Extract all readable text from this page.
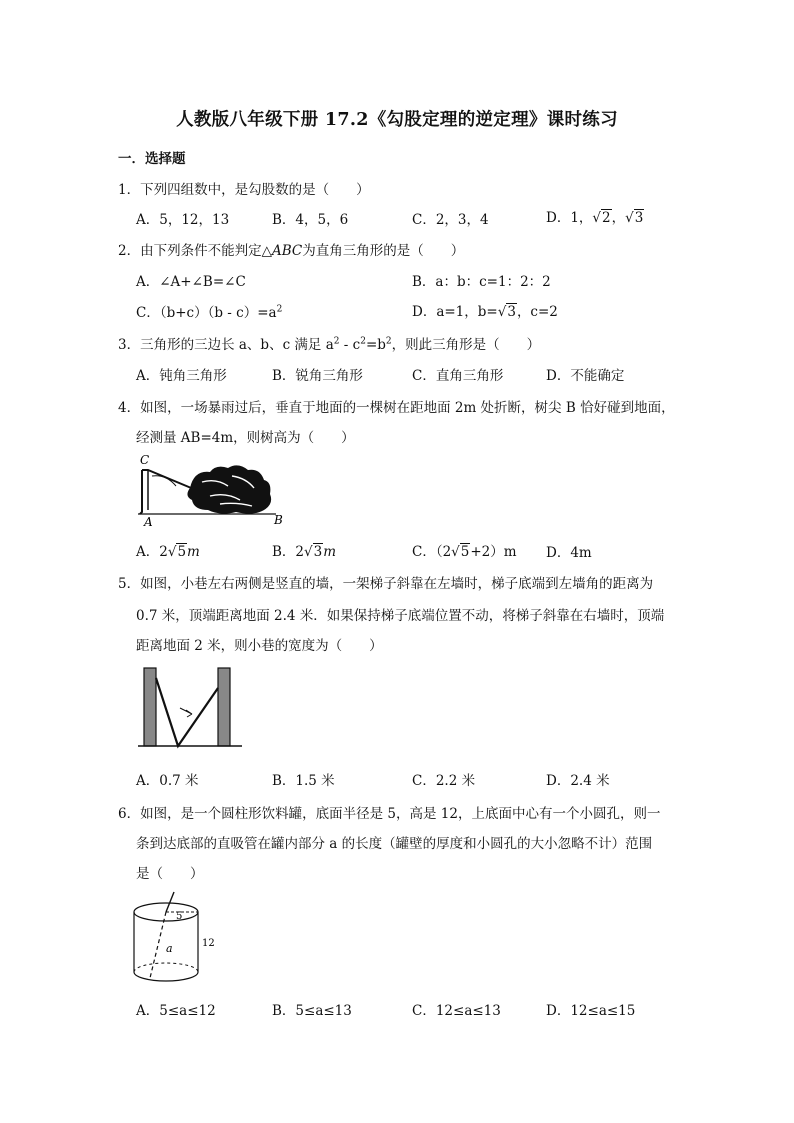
人教版八年级下册 17.2《勾股定理的逆定理》课时练习
一．选择题
1．下列四组数中，是勾股数的是（　　）
A．5，12，13	B．4，5，6	C．2，3，4	D．1，√2，√3
2．由下列条件不能判定△ABC为直角三角形的是（　　）
A．∠A+∠B=∠C	B．a：b：c=1：2：2
C．$(b+c)(b - c)=a^2$	D．a=1，b=√3，c=2
3．三角形的三边长 a、b、c 满足 $a^2 - c^2=b^2$，则此三角形是（　　）
A．钝角三角形	B．锐角三角形	C．直角三角形	D．不能确定
4．如图，一场暴雨过后，垂直于地面的一棵树在距地面 2m 处折断，树尖 B 恰好碰到地面，
经测量 AB=4m，则树高为（　　）
C
A	B
A．2√5m	B．2√3m	C．（2√5+2）m D．4m
5．如图，小巷左右两侧是竖直的墙，一架梯子斜靠在左墙时，梯子底端到左墙角的距离为
0.7 米，顶端距离地面 2.4 米．如果保持梯子底端位置不动，将梯子斜靠在右墙时，顶端
距离地面 2 米，则小巷的宽度为（　　）
A．0.7 米	B．1.5 米	C．2.2 米	D．2.4 米
6．如图，是一个圆柱形饮料罐，底面半径是 5，高是 12，上底面中心有一个小圆孔，则一
条到达底部的直吸管在罐内部分 a 的长度（罐壁的厚度和小圆孔的大小忽略不计）范围
是（　　）
5
a	12
A．5≤a≤12	B．5≤a≤13	C．12≤a≤13	D．12≤a≤15
